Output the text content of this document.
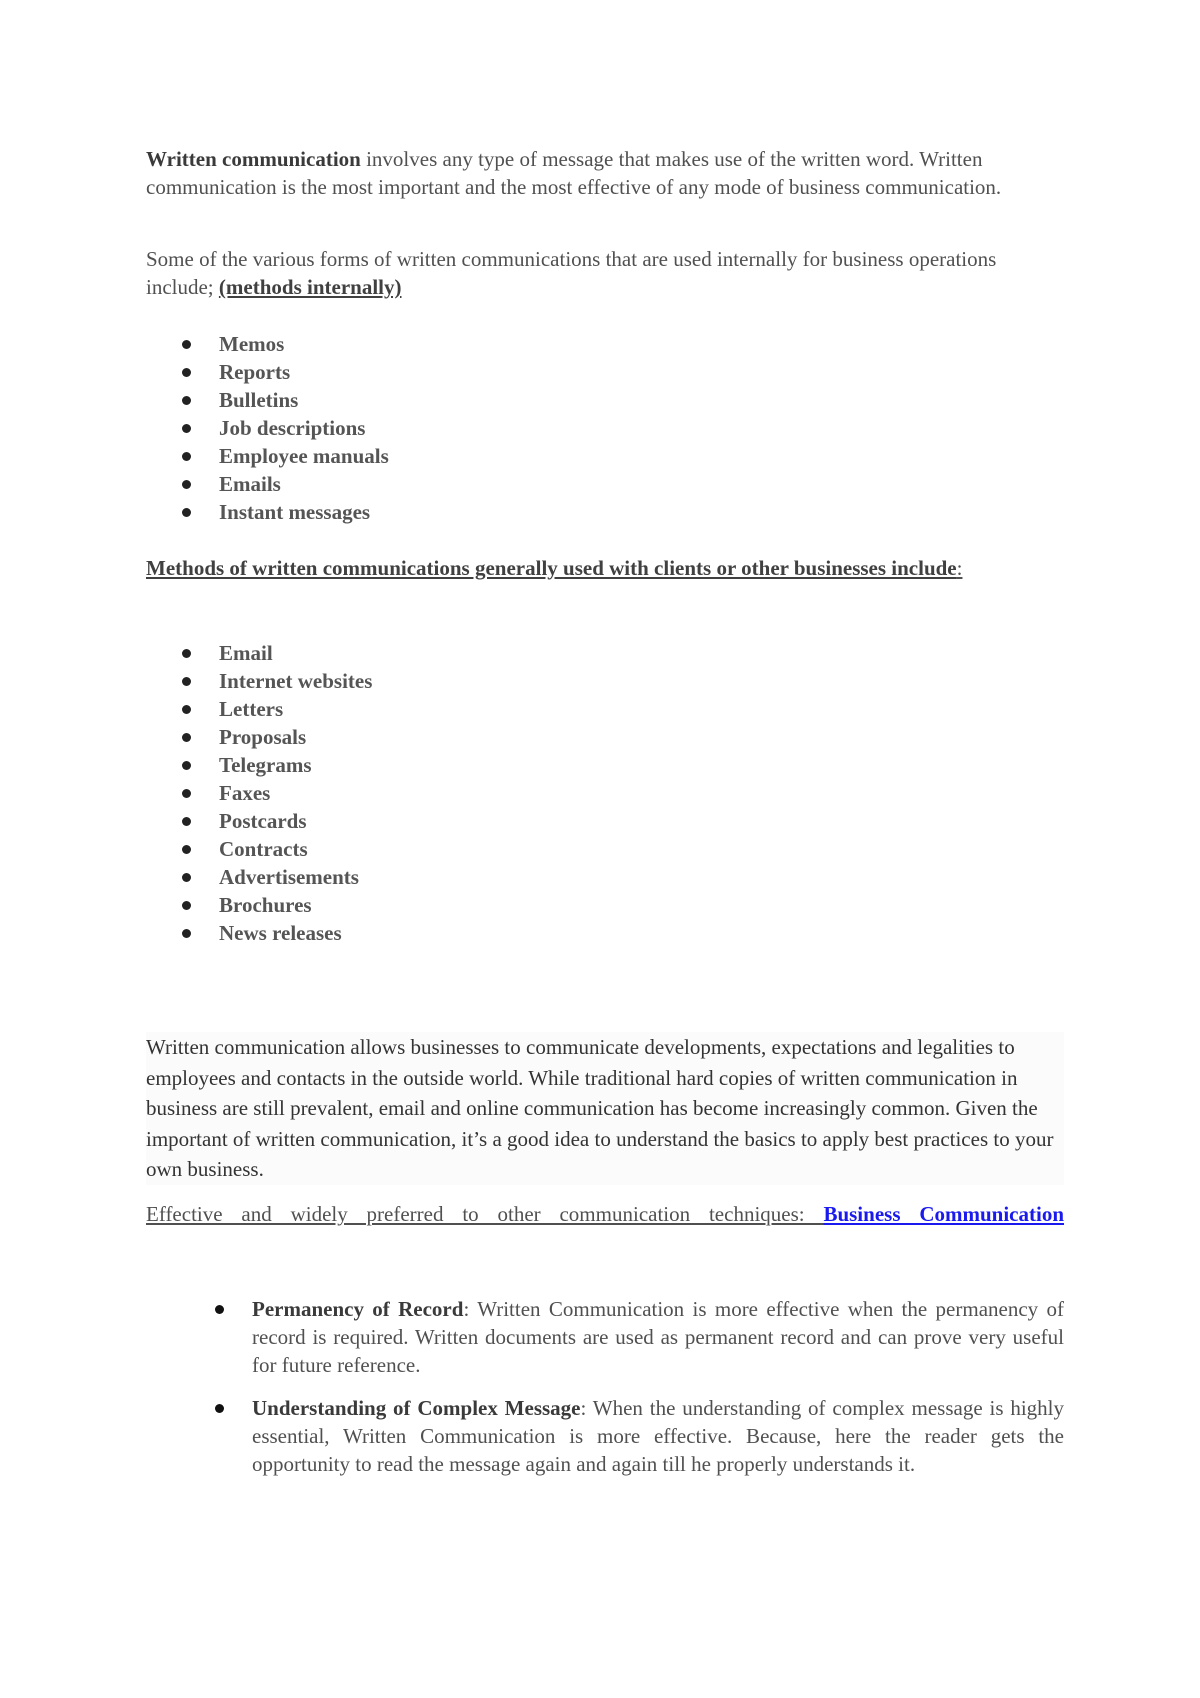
Written communication involves any type of message that makes use of the written word. Written communication is the most important and the most effective of any mode of business communication.
Some of the various forms of written communications that are used internally for business operations include; (methods internally)
Memos
Reports
Bulletins
Job descriptions
Employee manuals
Emails
Instant messages
Methods of written communications generally used with clients or other businesses include:
Email
Internet websites
Letters
Proposals
Telegrams
Faxes
Postcards
Contracts
Advertisements
Brochures
News releases
Written communication allows businesses to communicate developments, expectations and legalities to employees and contacts in the outside world. While traditional hard copies of written communication in business are still prevalent, email and online communication has become increasingly common. Given the important of written communication, it’s a good idea to understand the basics to apply best practices to your own business.
Effective and widely preferred to other communication techniques: Business Communication
Permanency of Record: Written Communication is more effective when the permanency of record is required. Written documents are used as permanent record and can prove very useful for future reference.
Understanding of Complex Message: When the understanding of complex message is highly essential, Written Communication is more effective. Because, here the reader gets the opportunity to read the message again and again till he properly understands it.
